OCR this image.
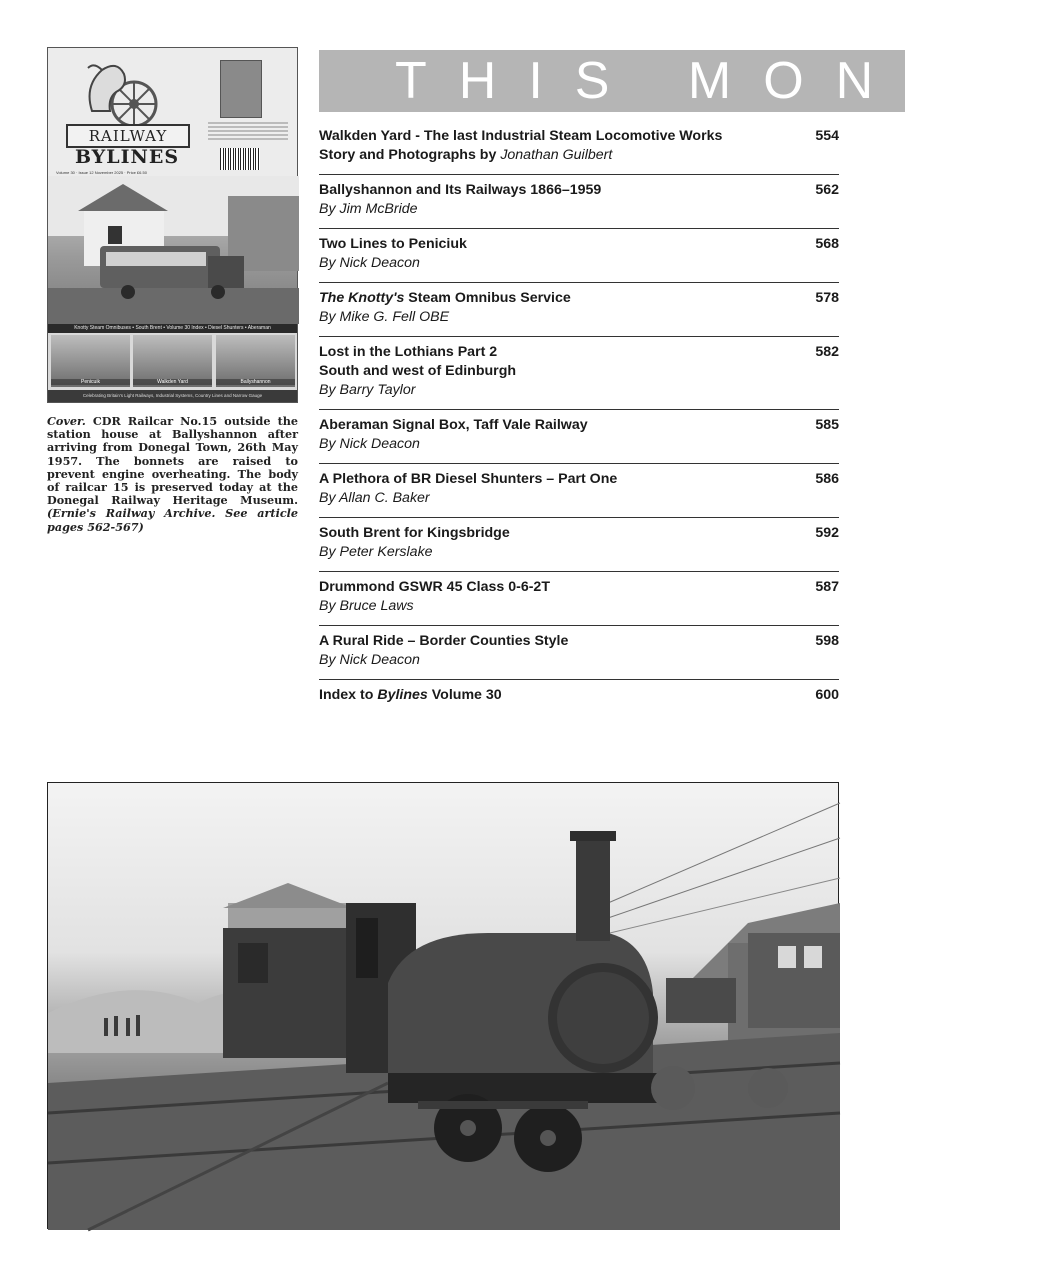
RAILWAY
BYLINES
Volume 30 · Issue 12 November 2025 · Price £6.50
Knotty Steam Omnibuses • South Brent • Volume 30 Index • Diesel Shunters • Aberaman
Penicuik	Walkden Yard	Ballyshannon
Celebrating Britain's Light Railways, Industrial Systems, Country Lines and Narrow Gauge

Cover. CDR Railcar No.15 outside the station house at Ballyshannon after arriving from Donegal Town, 26th May 1957. The bonnets are raised to prevent engine overheating. The body of railcar 15 is preserved today at the Donegal Railway Heritage Museum. (Ernie's Railway Archive. See article pages 562-567)

THIS MONTH
Walkden Yard - The last Industrial Steam Locomotive Works
Story and Photographs by Jonathan Guilbert
554
Ballyshannon and Its Railways 1866–1959
By Jim McBride
562
Two Lines to Peniciuk
By Nick Deacon
568
The Knotty's Steam Omnibus Service
By Mike G. Fell OBE
578
Lost in the Lothians Part 2
South and west of Edinburgh
By Barry Taylor
582
Aberaman Signal Box, Taff Vale Railway
By Nick Deacon
585
A Plethora of BR Diesel Shunters – Part One
By Allan C. Baker
586
South Brent for Kingsbridge
By Peter Kerslake
592
Drummond GSWR 45 Class 0-6-2T
By Bruce Laws
587
A Rural Ride – Border Counties Style
By Nick Deacon
598
Index to Bylines Volume 30	600
